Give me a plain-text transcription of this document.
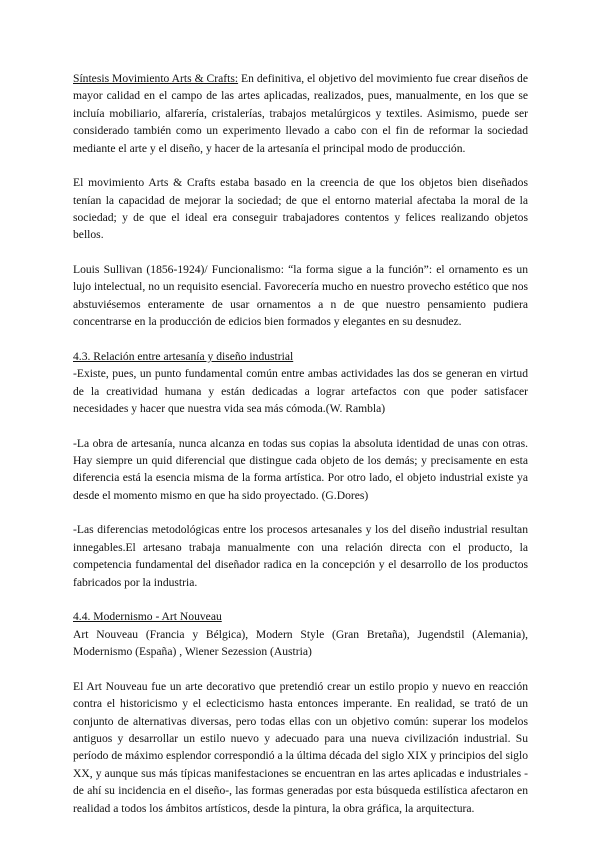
Síntesis Movimiento Arts & Crafts: En definitiva, el objetivo del movimiento fue crear diseños de mayor calidad en el campo de las artes aplicadas, realizados, pues, manualmente, en los que se incluía mobiliario, alfarería, cristalerías, trabajos metalúrgicos y textiles. Asimismo, puede ser considerado también como un experimento llevado a cabo con el fin de reformar la sociedad mediante el arte y el diseño, y hacer de la artesanía el principal modo de producción.

El movimiento Arts & Crafts estaba basado en la creencia de que los objetos bien diseñados tenían la capacidad de mejorar la sociedad; de que el entorno material afectaba la moral de la sociedad; y de que el ideal era conseguir trabajadores contentos y felices realizando objetos bellos.

Louis Sullivan (1856-1924)/ Funcionalismo: “la forma sigue a la función”: el ornamento es un lujo intelectual, no un requisito esencial. Favorecería mucho en nuestro provecho estético que nos abstuviésemos enteramente de usar ornamentos a n de que nuestro pensamiento pudiera concentrarse en la producción de edicios bien formados y elegantes en su desnudez.

4.3. Relación entre artesanía y diseño industrial

-Existe, pues, un punto fundamental común entre ambas actividades las dos se generan en virtud de la creatividad humana y están dedicadas a lograr artefactos con que poder satisfacer necesidades y hacer que nuestra vida sea más cómoda.(W. Rambla)

-La obra de artesanía, nunca alcanza en todas sus copias la absoluta identidad de unas con otras. Hay siempre un quid diferencial que distingue cada objeto de los demás; y precisamente en esta diferencia está la esencia misma de la forma artística. Por otro lado, el objeto industrial existe ya desde el momento mismo en que ha sido proyectado. (G.Dores)

-Las diferencias metodológicas entre los procesos artesanales y los del diseño industrial resultan innegables.El artesano trabaja manualmente con una relación directa con el producto, la competencia fundamental del diseñador radica en la concepción y el desarrollo de los productos fabricados por la industria.

4.4. Modernismo - Art Nouveau

Art Nouveau (Francia y Bélgica), Modern Style (Gran Bretaña), Jugendstil (Alemania), Modernismo (España) , Wiener Sezession (Austria)

El Art Nouveau fue un arte decorativo que pretendió crear un estilo propio y nuevo en reacción contra el historicismo y el eclecticismo hasta entonces imperante. En realidad, se trató de un conjunto de alternativas diversas, pero todas ellas con un objetivo común: superar los modelos antiguos y desarrollar un estilo nuevo y adecuado para una nueva civilización industrial. Su período de máximo esplendor correspondió a la última década del siglo XIX y principios del siglo XX, y aunque sus más típicas manifestaciones se encuentran en las artes aplicadas e industriales -de ahí su incidencia en el diseño-, las formas generadas por esta búsqueda estilística afectaron en realidad a todos los ámbitos artísticos, desde la pintura, la obra gráfica, la arquitectura.
